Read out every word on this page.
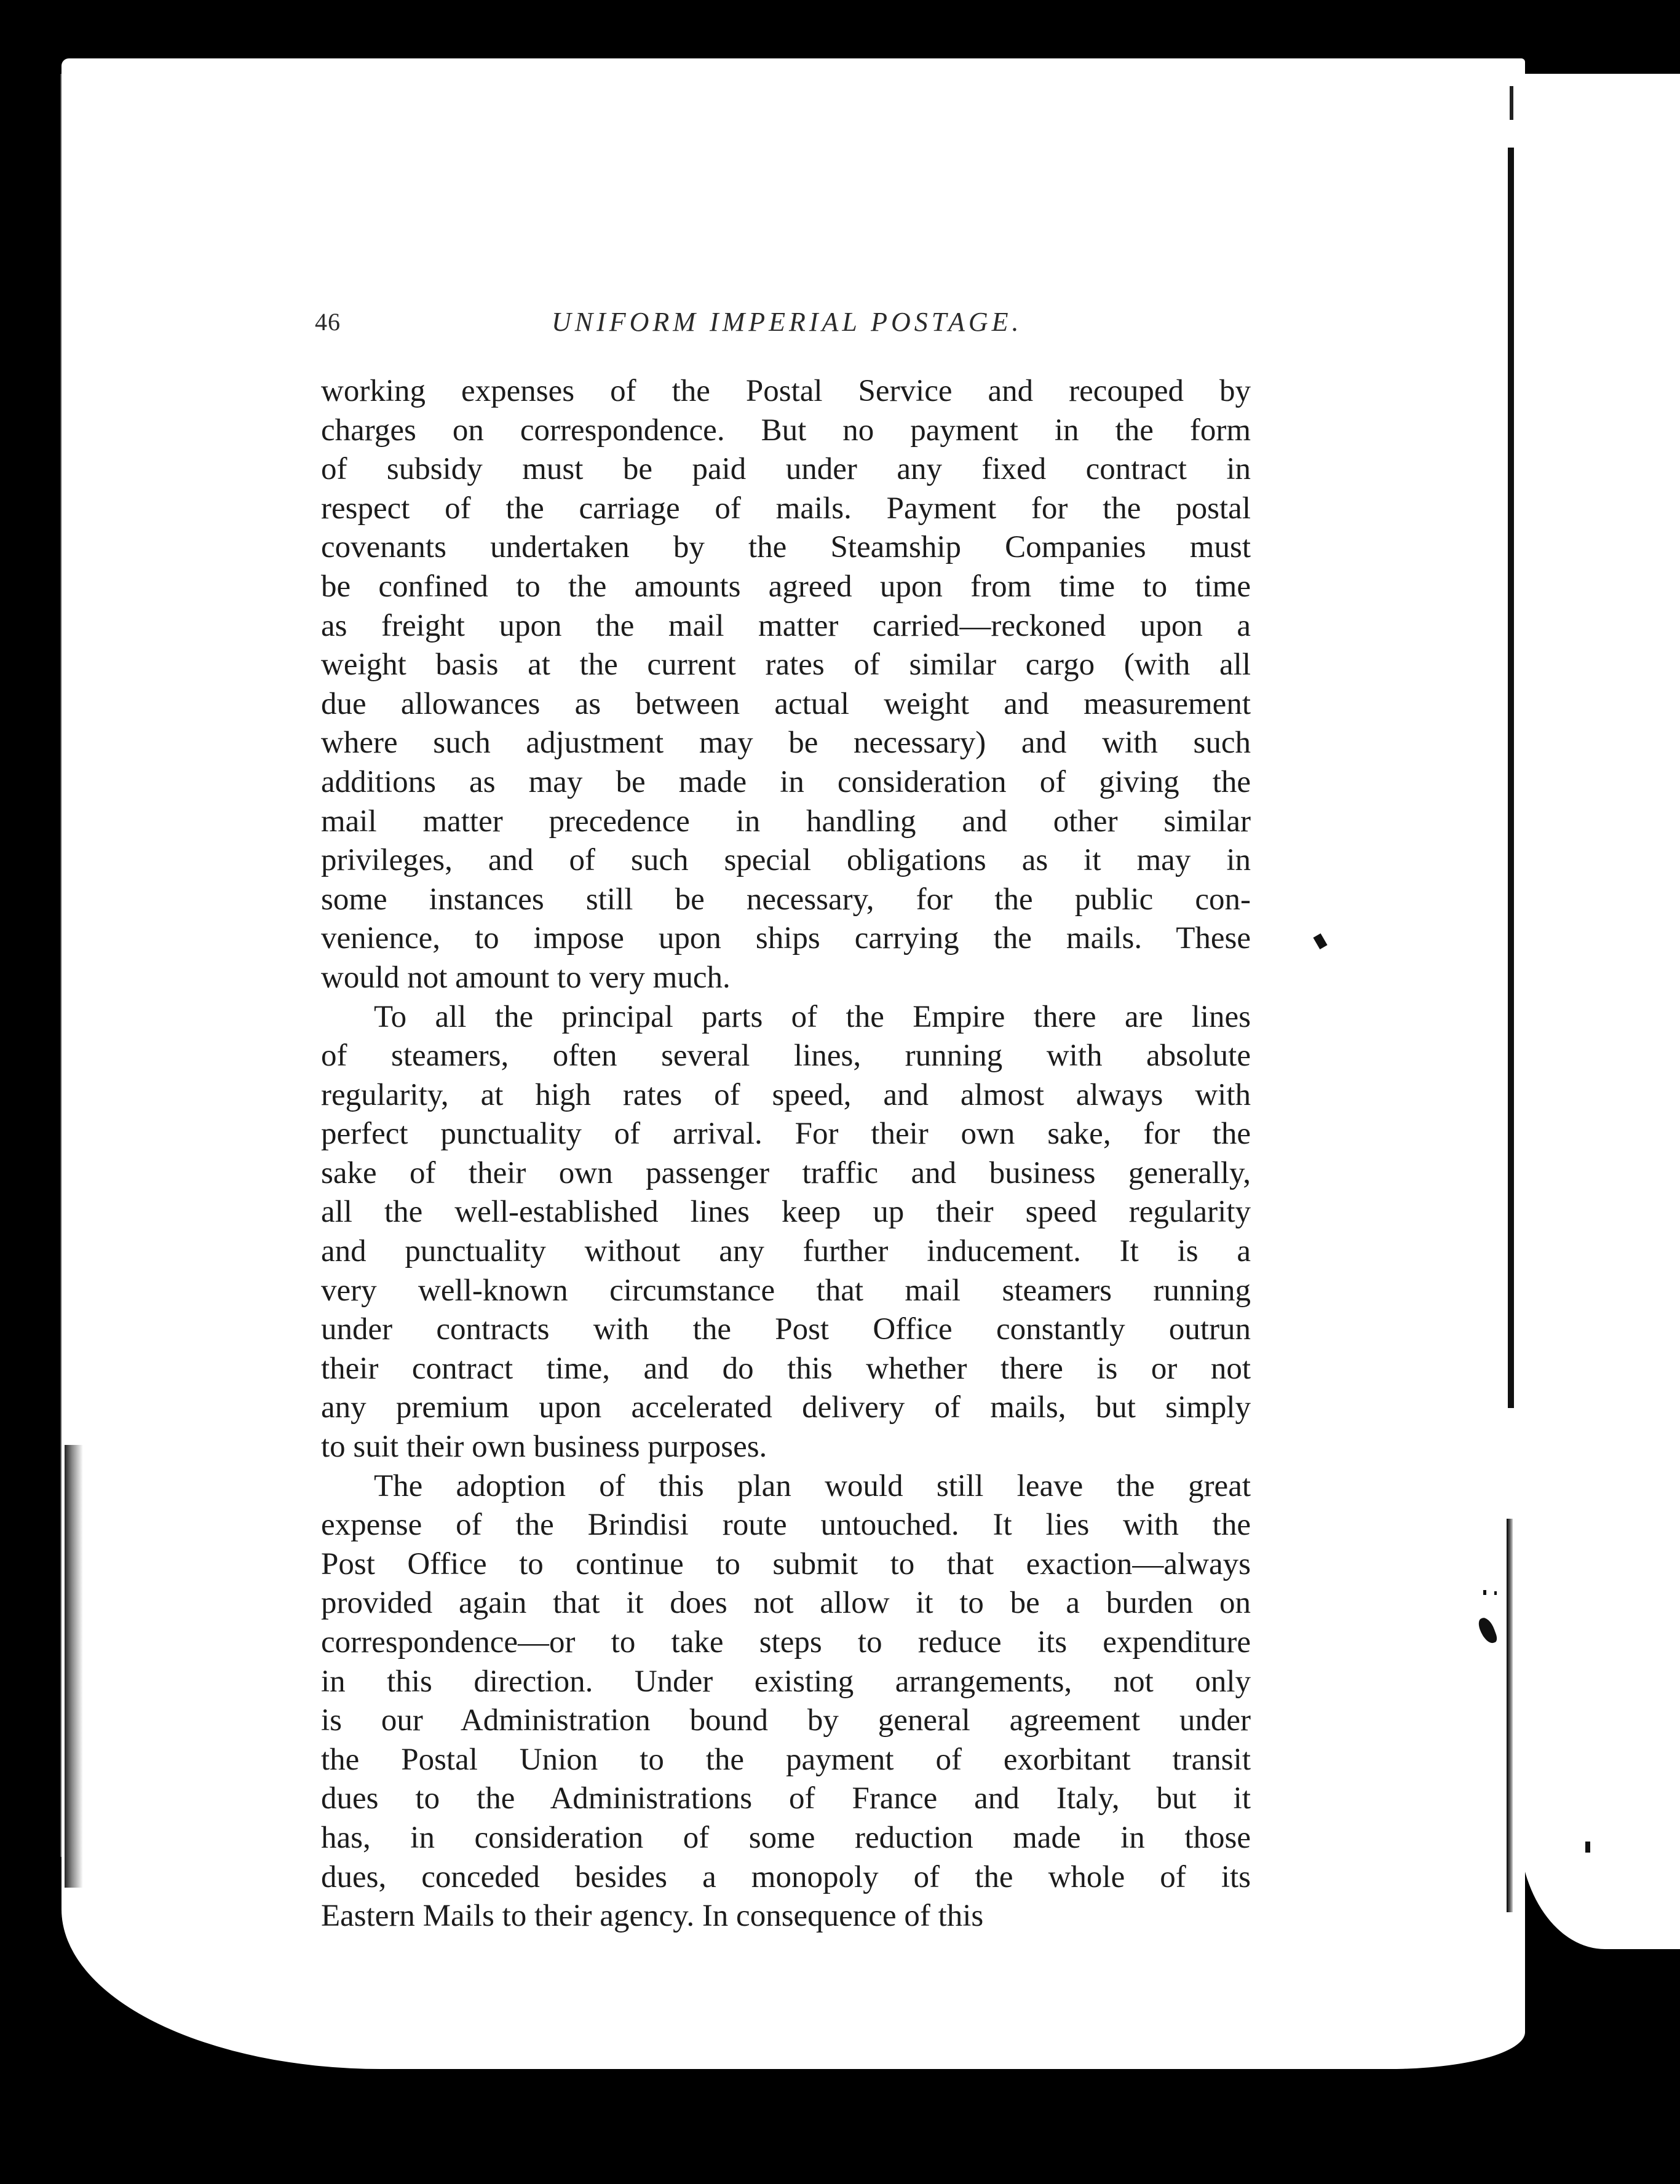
46	UNIFORM IMPERIAL POSTAGE.
working expenses of the Postal Service and recouped by
charges on correspondence. But no payment in the form
of subsidy must be paid under any fixed contract in
respect of the carriage of mails. Payment for the postal
covenants undertaken by the Steamship Companies must
be confined to the amounts agreed upon from time to time
as freight upon the mail matter carried—reckoned upon a
weight basis at the current rates of similar cargo (with all
due allowances as between actual weight and measurement
where such adjustment may be necessary) and with such
additions as may be made in consideration of giving the
mail matter precedence in handling and other similar
privileges, and of such special obligations as it may in
some instances still be necessary, for the public con-
venience, to impose upon ships carrying the mails. These
would not amount to very much.
To all the principal parts of the Empire there are lines
of steamers, often several lines, running with absolute
regularity, at high rates of speed, and almost always with
perfect punctuality of arrival. For their own sake, for the
sake of their own passenger traffic and business generally,
all the well-established lines keep up their speed regularity
and punctuality without any further inducement. It is a
very well-known circumstance that mail steamers running
under contracts with the Post Office constantly outrun
their contract time, and do this whether there is or not
any premium upon accelerated delivery of mails, but simply
to suit their own business purposes.
The adoption of this plan would still leave the great
expense of the Brindisi route untouched. It lies with the
Post Office to continue to submit to that exaction—always
provided again that it does not allow it to be a burden on
correspondence—or to take steps to reduce its expenditure
in this direction. Under existing arrangements, not only
is our Administration bound by general agreement under
the Postal Union to the payment of exorbitant transit
dues to the Administrations of France and Italy, but it
has, in consideration of some reduction made in those
dues, conceded besides a monopoly of the whole of its
Eastern Mails to their agency. In consequence of this
